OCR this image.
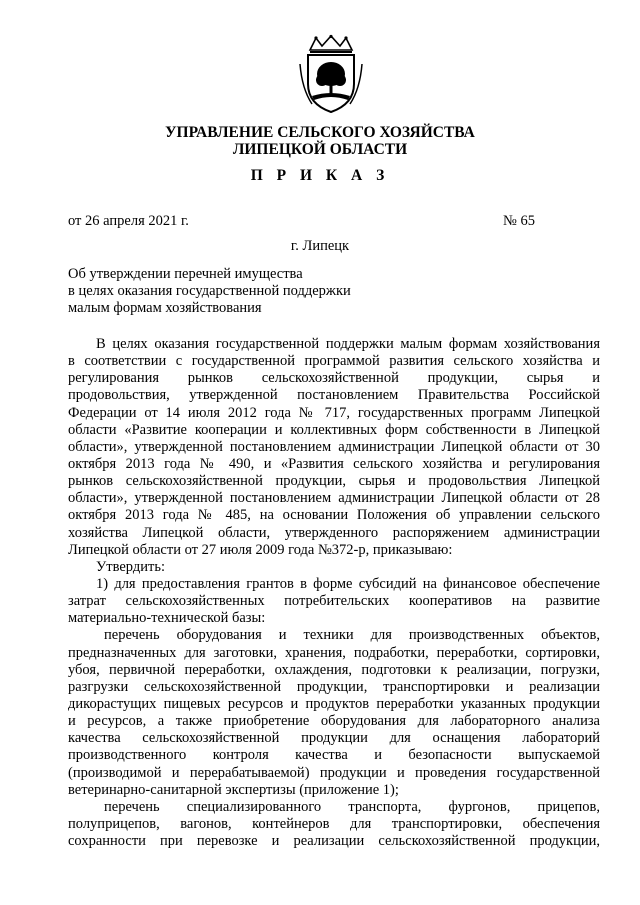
УПРАВЛЕНИЕ СЕЛЬСКОГО ХОЗЯЙСТВА
ЛИПЕЦКОЙ ОБЛАСТИ
П Р И К А З
от 26 апреля 2021 г.	№ 65
г. Липецк
Об утверждении перечней имущества
в целях оказания государственной поддержки
малым формам хозяйствования
В целях оказания государственной поддержки малым формам хозяйствования
в соответствии с государственной программой развития сельского хозяйства и
регулирования рынков сельскохозяйственной продукции, сырья и
продовольствия, утвержденной постановлением Правительства Российской
Федерации от 14 июля 2012 года № 717, государственных программ Липецкой
области «Развитие кооперации и коллективных форм собственности в Липецкой
области», утвержденной постановлением администрации Липецкой области от 30
октября 2013 года № 490, и «Развития сельского хозяйства и регулирования
рынков сельскохозяйственной продукции, сырья и продовольствия Липецкой
области», утвержденной постановлением администрации Липецкой области от 28
октября 2013 года № 485, на основании Положения об управлении сельского
хозяйства Липецкой области, утвержденного распоряжением администрации
Липецкой области от 27 июля 2009 года №372-р, приказываю:
Утвердить:
1) для предоставления грантов в форме субсидий на финансовое обеспечение
затрат сельскохозяйственных потребительских кооперативов на развитие
материально-технической базы:
перечень оборудования и техники для производственных объектов,
предназначенных для заготовки, хранения, подработки, переработки, сортировки,
убоя, первичной переработки, охлаждения, подготовки к реализации, погрузки,
разгрузки сельскохозяйственной продукции, транспортировки и реализации
дикорастущих пищевых ресурсов и продуктов переработки указанных продукции
и ресурсов, а также приобретение оборудования для лабораторного анализа
качества сельскохозяйственной продукции для оснащения лабораторий
производственного контроля качества и безопасности выпускаемой
(производимой и перерабатываемой) продукции и проведения государственной
ветеринарно-санитарной экспертизы (приложение 1);
перечень специализированного транспорта, фургонов, прицепов,
полуприцепов, вагонов, контейнеров для транспортировки, обеспечения
сохранности при перевозке и реализации сельскохозяйственной продукции,
